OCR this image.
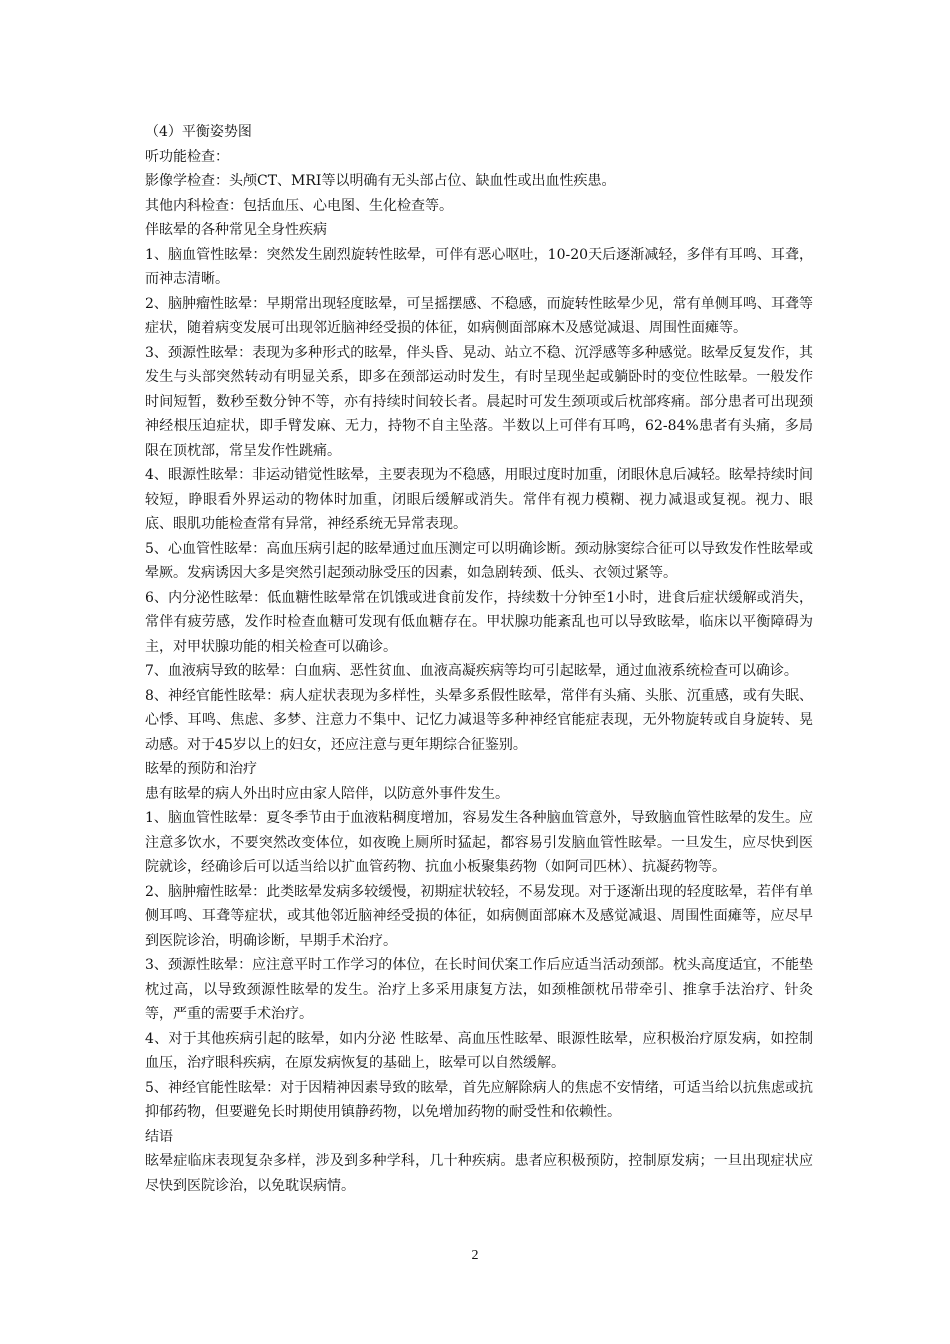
（4）平衡姿势图

听功能检查：

影像学检查：头颅CT、MRI等以明确有无头部占位、缺血性或出血性疾患。

其他内科检查：包括血压、心电图、生化检查等。

伴眩晕的各种常见全身性疾病

1、脑血管性眩晕：突然发生剧烈旋转性眩晕，可伴有恶心呕吐，10-20天后逐渐减轻，多伴有耳鸣、耳聋，而神志清晰。

2、脑肿瘤性眩晕：早期常出现轻度眩晕，可呈摇摆感、不稳感，而旋转性眩晕少见，常有单侧耳鸣、耳聋等症状，随着病变发展可出现邻近脑神经受损的体征，如病侧面部麻木及感觉减退、周围性面瘫等。

3、颈源性眩晕：表现为多种形式的眩晕，伴头昏、晃动、站立不稳、沉浮感等多种感觉。眩晕反复发作，其发生与头部突然转动有明显关系，即多在颈部运动时发生，有时呈现坐起或躺卧时的变位性眩晕。一般发作时间短暂，数秒至数分钟不等，亦有持续时间较长者。晨起时可发生颈项或后枕部疼痛。部分患者可出现颈神经根压迫症状，即手臂发麻、无力，持物不自主坠落。半数以上可伴有耳鸣，62-84%患者有头痛，多局限在顶枕部，常呈发作性跳痛。

4、眼源性眩晕：非运动错觉性眩晕，主要表现为不稳感，用眼过度时加重，闭眼休息后减轻。眩晕持续时间较短，睁眼看外界运动的物体时加重，闭眼后缓解或消失。常伴有视力模糊、视力减退或复视。视力、眼底、眼肌功能检查常有异常，神经系统无异常表现。

5、心血管性眩晕：高血压病引起的眩晕通过血压测定可以明确诊断。颈动脉窦综合征可以导致发作性眩晕或晕厥。发病诱因大多是突然引起颈动脉受压的因素，如急剧转颈、低头、衣领过紧等。

6、内分泌性眩晕：低血糖性眩晕常在饥饿或进食前发作，持续数十分钟至1小时，进食后症状缓解或消失，常伴有疲劳感，发作时检查血糖可发现有低血糖存在。甲状腺功能紊乱也可以导致眩晕，临床以平衡障碍为主，对甲状腺功能的相关检查可以确诊。

7、血液病导致的眩晕：白血病、恶性贫血、血液高凝疾病等均可引起眩晕，通过血液系统检查可以确诊。

8、神经官能性眩晕：病人症状表现为多样性，头晕多系假性眩晕，常伴有头痛、头胀、沉重感，或有失眠、心悸、耳鸣、焦虑、多梦、注意力不集中、记忆力减退等多种神经官能症表现，无外物旋转或自身旋转、晃动感。对于45岁以上的妇女，还应注意与更年期综合征鉴别。

眩晕的预防和治疗

患有眩晕的病人外出时应由家人陪伴，以防意外事件发生。

1、脑血管性眩晕：夏冬季节由于血液粘稠度增加，容易发生各种脑血管意外，导致脑血管性眩晕的发生。应注意多饮水，不要突然改变体位，如夜晚上厕所时猛起，都容易引发脑血管性眩晕。一旦发生，应尽快到医院就诊，经确诊后可以适当给以扩血管药物、抗血小板聚集药物（如阿司匹林）、抗凝药物等。

2、脑肿瘤性眩晕：此类眩晕发病多较缓慢，初期症状较轻，不易发现。对于逐渐出现的轻度眩晕，若伴有单侧耳鸣、耳聋等症状，或其他邻近脑神经受损的体征，如病侧面部麻木及感觉减退、周围性面瘫等，应尽早到医院诊治，明确诊断，早期手术治疗。

3、颈源性眩晕：应注意平时工作学习的体位，在长时间伏案工作后应适当活动颈部。枕头高度适宜，不能垫枕过高，以导致颈源性眩晕的发生。治疗上多采用康复方法，如颈椎颌枕吊带牵引、推拿手法治疗、针灸等，严重的需要手术治疗。

4、对于其他疾病引起的眩晕，如内分泌 性眩晕、高血压性眩晕、眼源性眩晕，应积极治疗原发病，如控制血压，治疗眼科疾病，在原发病恢复的基础上，眩晕可以自然缓解。

5、神经官能性眩晕：对于因精神因素导致的眩晕，首先应解除病人的焦虑不安情绪，可适当给以抗焦虑或抗抑郁药物，但要避免长时期使用镇静药物，以免增加药物的耐受性和依赖性。

结语

眩晕症临床表现复杂多样，涉及到多种学科，几十种疾病。患者应积极预防，控制原发病；一旦出现症状应尽快到医院诊治，以免耽误病情。

2
